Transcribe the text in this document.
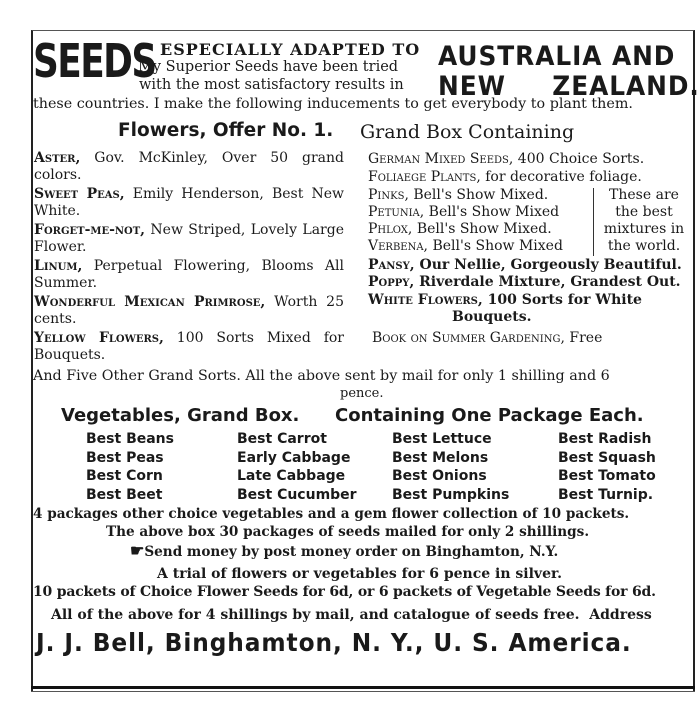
SEEDS ESPECIALLY ADAPTED TO
My Superior Seeds have been tried
with the most satisfactory results in
AUSTRALIA AND
NEW ZEALAND.
these countries. I make the following inducements to get everybody to plant them.
Flowers, Offer No. 1. Grand Box Containing
Aster, Gov. McKinley, Over 50 grand colors.
Sweet Peas, Emily Henderson, Best New White.
Forget-me-not, New Striped, Lovely Large Flower.
Linum, Perpetual Flowering, Blooms All Summer.
Wonderful Mexican Primrose, Worth 25 cents.
Yellow Flowers, 100 Sorts Mixed for Bouquets.
German Mixed Seeds, 400 Choice Sorts.
Foliaege Plants, for decorative foliage.
Pinks, Bell's Show Mixed.
Petunia, Bell's Show Mixed
Phlox, Bell's Show Mixed.
Verbena, Bell's Show Mixed
These are
the best
mixtures in
the world.
Pansy, Our Nellie, Gorgeously Beautiful.
Poppy, Riverdale Mixture, Grandest Out.
White Flowers, 100 Sorts for White
Bouquets.
Book on Summer Gardening, Free
And Five Other Grand Sorts. All the above sent by mail for only 1 shilling and 6
pence.
Vegetables, Grand Box. Containing One Package Each.
Best Beans
Best Peas
Best Corn
Best Beet
Best Carrot
Early Cabbage
Late Cabbage
Best Cucumber
Best Lettuce
Best Melons
Best Onions
Best Pumpkins
Best Radish
Best Squash
Best Tomato
Best Turnip.
4 packages other choice vegetables and a gem flower collection of 10 packets.
The above box 30 packages of seeds mailed for only 2 shillings.
☛Send money by post money order on Binghamton, N.Y.
A trial of flowers or vegetables for 6 pence in silver.
10 packets of Choice Flower Seeds for 6d, or 6 packets of Vegetable Seeds for 6d.
All of the above for 4 shillings by mail, and catalogue of seeds free. Address
J. J. Bell, Binghamton, N. Y., U. S. America.
